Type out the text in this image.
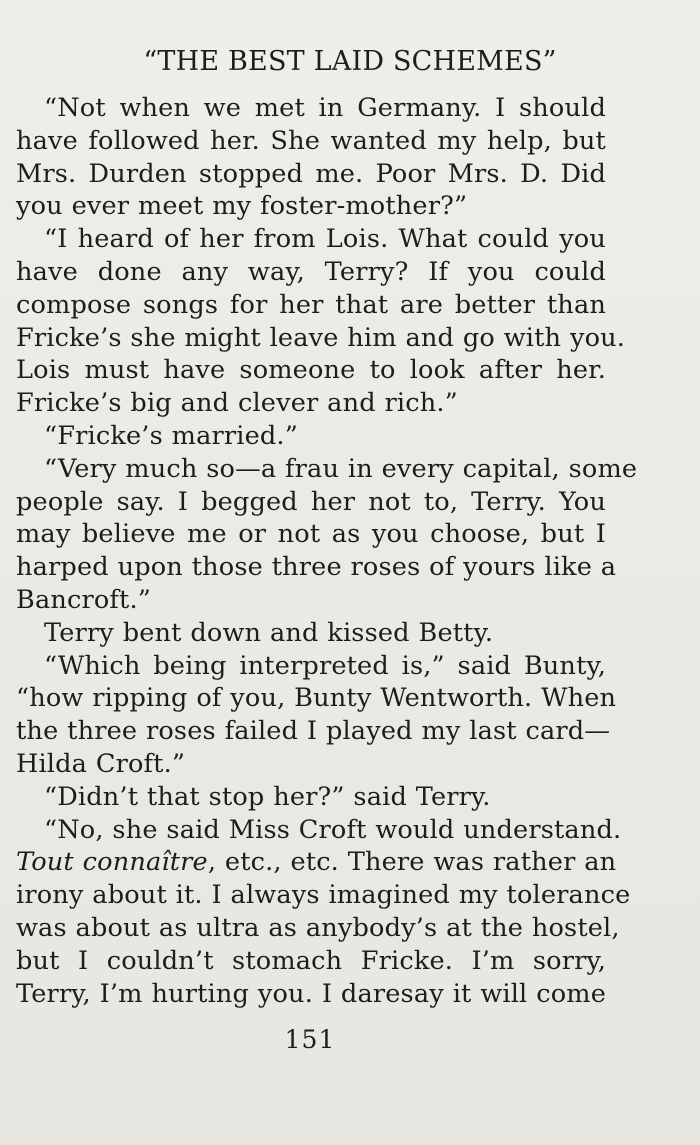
“THE BEST LAID SCHEMES”
“Not when we met in Germany. I should
have followed her. She wanted my help, but
Mrs. Durden stopped me. Poor Mrs. D. Did
you ever meet my foster-mother?”
“I heard of her from Lois. What could you
have done any way, Terry? If you could
compose songs for her that are better than
Fricke’s she might leave him and go with you.
Lois must have someone to look after her.
Fricke’s big and clever and rich.”
“Fricke’s married.”
“Very much so—a frau in every capital, some
people say. I begged her not to, Terry. You
may believe me or not as you choose, but I
harped upon those three roses of yours like a
Bancroft.”
Terry bent down and kissed Betty.
“Which being interpreted is,” said Bunty,
“how ripping of you, Bunty Wentworth. When
the three roses failed I played my last card—
Hilda Croft.”
“Didn’t that stop her?” said Terry.
“No, she said Miss Croft would understand.
Tout connaître, etc., etc. There was rather an
irony about it. I always imagined my tolerance
was about as ultra as anybody’s at the hostel,
but I couldn’t stomach Fricke. I’m sorry,
Terry, I’m hurting you. I daresay it will come
151
